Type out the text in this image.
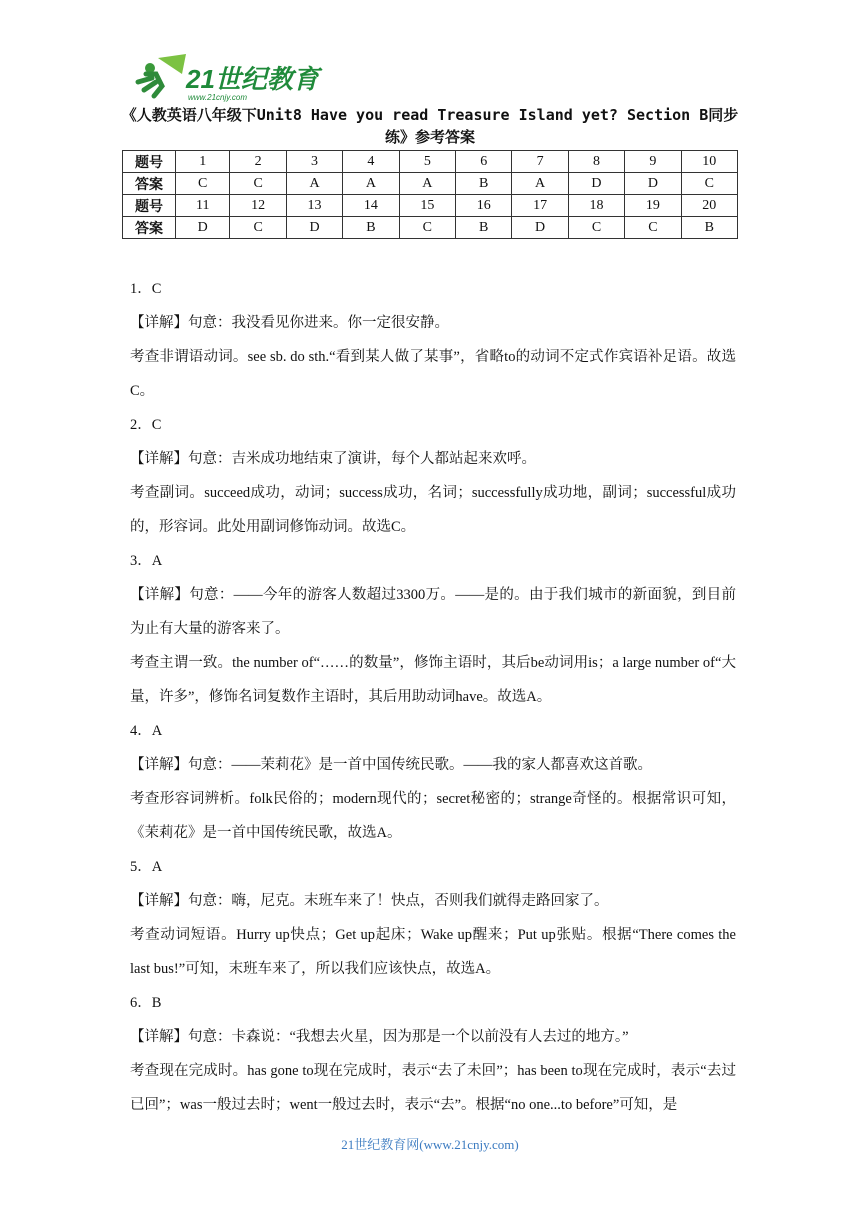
21世纪教育
www.21cnjy.com
《人教英语八年级下Unit8 Have you read Treasure Island yet? Section B同步练》参考答案
题号	1	2	3	4	5	6	7	8	9	10
答案	C	C	A	A	A	B	A	D	D	C
题号	11	12	13	14	15	16	17	18	19	20
答案	D	C	D	B	C	B	D	C	C	B

1．C

【详解】句意：我没看见你进来。你一定很安静。

考查非谓语动词。see sb. do sth.“看到某人做了某事”，省略to的动词不定式作宾语补足语。故选C。

2．C

【详解】句意：吉米成功地结束了演讲，每个人都站起来欢呼。

考查副词。succeed成功，动词；success成功，名词；successfully成功地，副词；successful成功的，形容词。此处用副词修饰动词。故选C。

3．A

【详解】句意：——今年的游客人数超过3300万。——是的。由于我们城市的新面貌，到目前为止有大量的游客来了。

考查主谓一致。the number of“……的数量”，修饰主语时，其后be动词用is；a large number of“大量，许多”，修饰名词复数作主语时，其后用助动词have。故选A。

4．A

【详解】句意：——茉莉花》是一首中国传统民歌。——我的家人都喜欢这首歌。

考查形容词辨析。folk民俗的；modern现代的；secret秘密的；strange奇怪的。根据常识可知，《茉莉花》是一首中国传统民歌，故选A。

5．A

【详解】句意：嗨，尼克。末班车来了！快点，否则我们就得走路回家了。

考查动词短语。Hurry up快点；Get up起床；Wake up醒来；Put up张贴。根据“There comes the last bus!”可知，末班车来了，所以我们应该快点，故选A。

6．B

【详解】句意：卡森说：“我想去火星，因为那是一个以前没有人去过的地方。”

考查现在完成时。has gone to现在完成时，表示“去了未回”；has been to现在完成时，表示“去过已回”；was一般过去时；went一般过去时，表示“去”。根据“no one...to before”可知，是

21世纪教育网(www.21cnjy.com)
